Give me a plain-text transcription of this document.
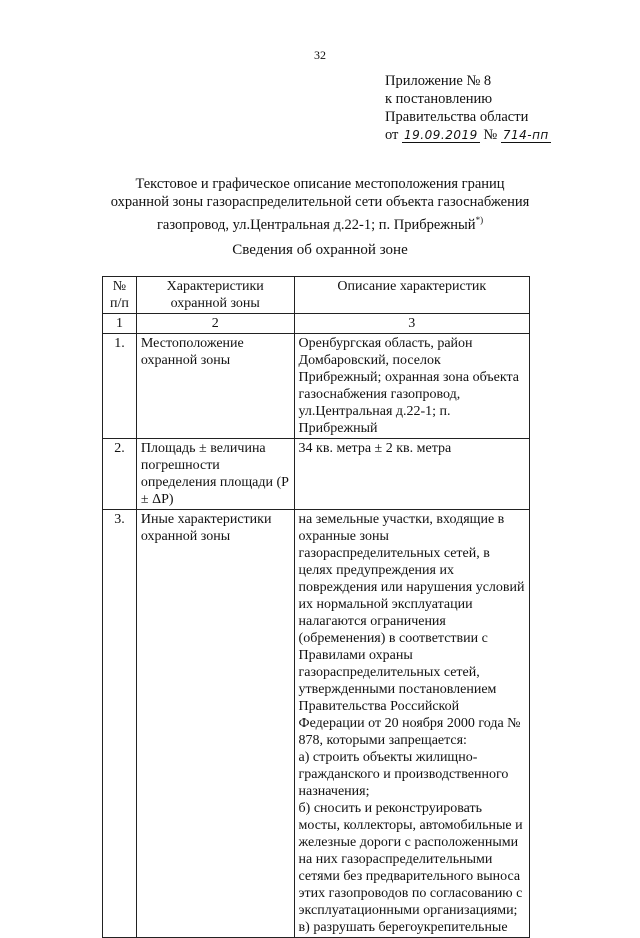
32
Приложение № 8
к постановлению
Правительства области
от 19.09.2019 № 714-пп
Текстовое и графическое описание местоположения границ
охранной зоны газораспределительной сети объекта газоснабжения
газопровод, ул.Центральная д.22-1; п. Прибрежный*)
Сведения об охранной зоне
№ п/п	Характеристики охранной зоны	Описание характеристик
1	2	3
1.	Местоположение охранной зоны	Оренбургская область, район Домбаровский, поселок Прибрежный; охранная зона объекта газоснабжения газопровод, ул.Центральная д.22-1; п. Прибрежный

2.	Площадь ± величина погрешности определения площади (P ± ΔP)	34 кв. метра ± 2 кв. метра

3.	Иные характеристики охранной зоны	на земельные участки, входящие в охранные зоны газораспределительных сетей, в целях предупреждения их повреждения или нарушения условий их нормальной эксплуатации налагаются ограничения (обременения) в соответствии с Правилами охраны газораспределительных сетей, утвержденными постановлением Правительства Российской Федерации от 20 ноября 2000 года № 878, которыми запрещается:
а) строить объекты жилищно-гражданского и производственного назначения;
б) сносить и реконструировать мосты, коллекторы, автомобильные и железные дороги с расположенными на них газораспределительными сетями без предварительного выноса этих газопроводов по согласованию с эксплуатационными организациями;
в) разрушать берегоукрепительные
